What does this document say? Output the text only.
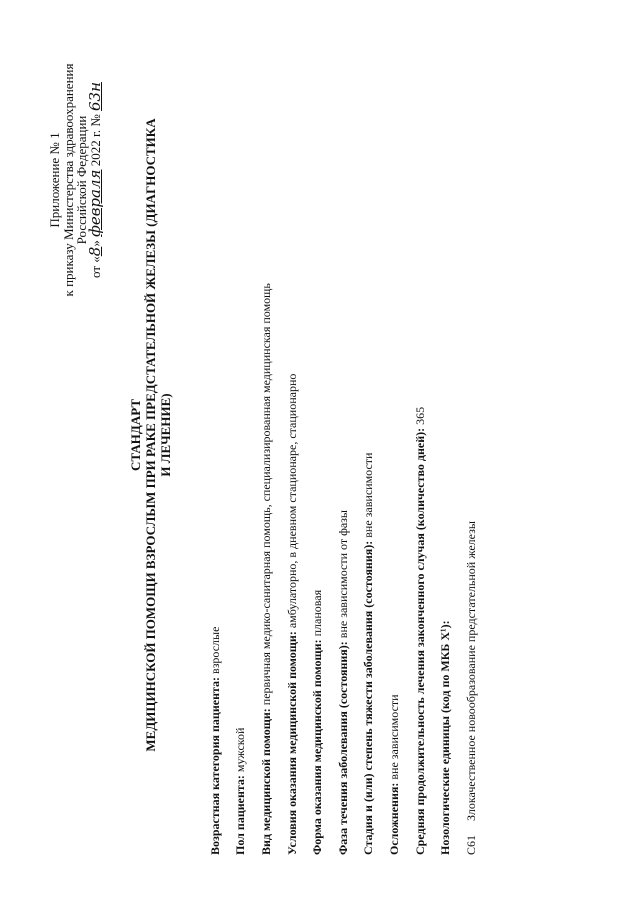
Приложение № 1
к приказу Министерства здравоохранения
Российской Федерации
от «8» февраля 2022 г. № 63н
СТАНДАРТ МЕДИЦИНСКОЙ ПОМОЩИ ВЗРОСЛЫМ ПРИ РАКЕ ПРЕДСТАТЕЛЬНОЙ ЖЕЛЕЗЫ (ДИАГНОСТИКА И ЛЕЧЕНИЕ)
Возрастная категория пациента: взрослые
Пол пациента: мужской Вид медицинской помощи: первичная медико-санитарная помощь, специализированная медицинская помощь
Условия оказания медицинской помощи: амбулаторно, в дневном стационаре, стационарно
Форма оказания медицинской помощи: плановая
Фаза течения заболевания (состояния): вне зависимости от фазы Стадия и (или) степень тяжести заболевания (состояния): вне зависимости
Осложнения: вне зависимости Средняя продолжительность лечения законченного случая (количество дней): 365
Нозологические единицы (код по МКБ X¹): C61Злокачественное новообразование предстательной железы
